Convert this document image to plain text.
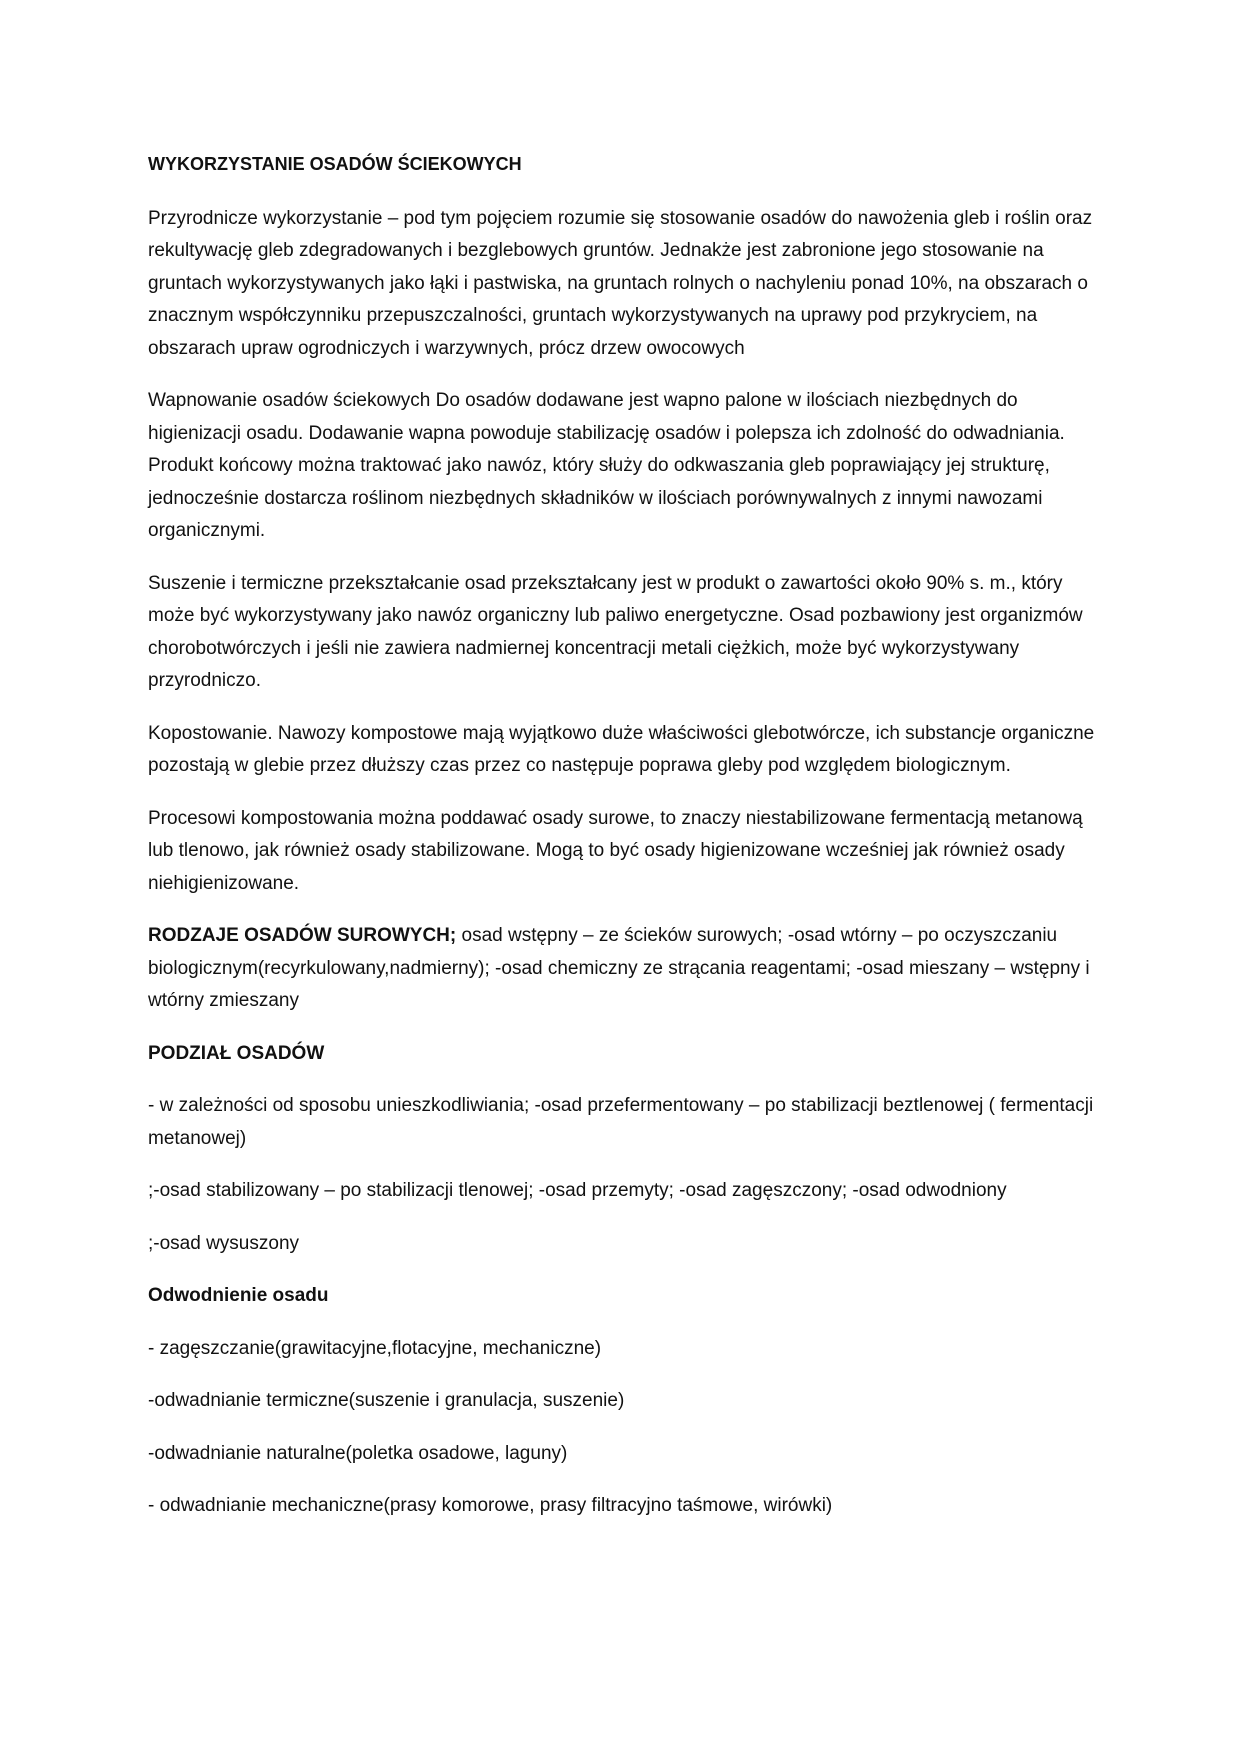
WYKORZYSTANIE OSADÓW ŚCIEKOWYCH

Przyrodnicze wykorzystanie – pod tym pojęciem rozumie się stosowanie osadów do nawożenia gleb i roślin oraz rekultywację gleb zdegradowanych i bezglebowych gruntów. Jednakże jest zabronione jego stosowanie na gruntach wykorzystywanych jako łąki i pastwiska, na gruntach rolnych o nachyleniu ponad 10%, na obszarach o znacznym współczynniku przepuszczalności, gruntach wykorzystywanych na uprawy pod przykryciem, na obszarach upraw ogrodniczych i warzywnych, prócz drzew owocowych

Wapnowanie osadów ściekowych Do osadów dodawane jest wapno palone w ilościach niezbędnych do higienizacji osadu. Dodawanie wapna powoduje stabilizację osadów i polepsza ich zdolność do odwadniania. Produkt końcowy można traktować jako nawóz, który służy do odkwaszania gleb poprawiający jej strukturę, jednocześnie dostarcza roślinom niezbędnych składników w ilościach porównywalnych z innymi nawozami organicznymi.

Suszenie i termiczne przekształcanie osad przekształcany jest w produkt o zawartości około 90% s. m., który może być wykorzystywany jako nawóz organiczny lub paliwo energetyczne. Osad pozbawiony jest organizmów chorobotwórczych i jeśli nie zawiera nadmiernej koncentracji metali ciężkich, może być wykorzystywany przyrodniczo.

Kopostowanie. Nawozy kompostowe mają wyjątkowo duże właściwości glebotwórcze, ich substancje organiczne pozostają w glebie przez dłuższy czas przez co następuje poprawa gleby pod względem biologicznym.

Procesowi kompostowania można poddawać osady surowe, to znaczy niestabilizowane fermentacją metanową lub tlenowo, jak również osady stabilizowane. Mogą to być osady higienizowane wcześniej jak również osady niehigienizowane.

RODZAJE OSADÓW SUROWYCH; osad wstępny – ze ścieków surowych; -osad wtórny – po oczyszczaniu biologicznym(recyrkulowany,nadmierny); -osad chemiczny ze strącania reagentami; -osad mieszany – wstępny i wtórny zmieszany

PODZIAŁ OSADÓW

- w zależności od sposobu unieszkodliwiania; -osad przefermentowany – po stabilizacji beztlenowej ( fermentacji metanowej)

;-osad stabilizowany – po stabilizacji tlenowej; -osad przemyty; -osad zagęszczony; -osad odwodniony

;-osad wysuszony

Odwodnienie osadu

- zagęszczanie(grawitacyjne,flotacyjne, mechaniczne)

-odwadnianie termiczne(suszenie i granulacja, suszenie)

-odwadnianie naturalne(poletka osadowe, laguny)

- odwadnianie mechaniczne(prasy komorowe, prasy filtracyjno taśmowe, wirówki)
